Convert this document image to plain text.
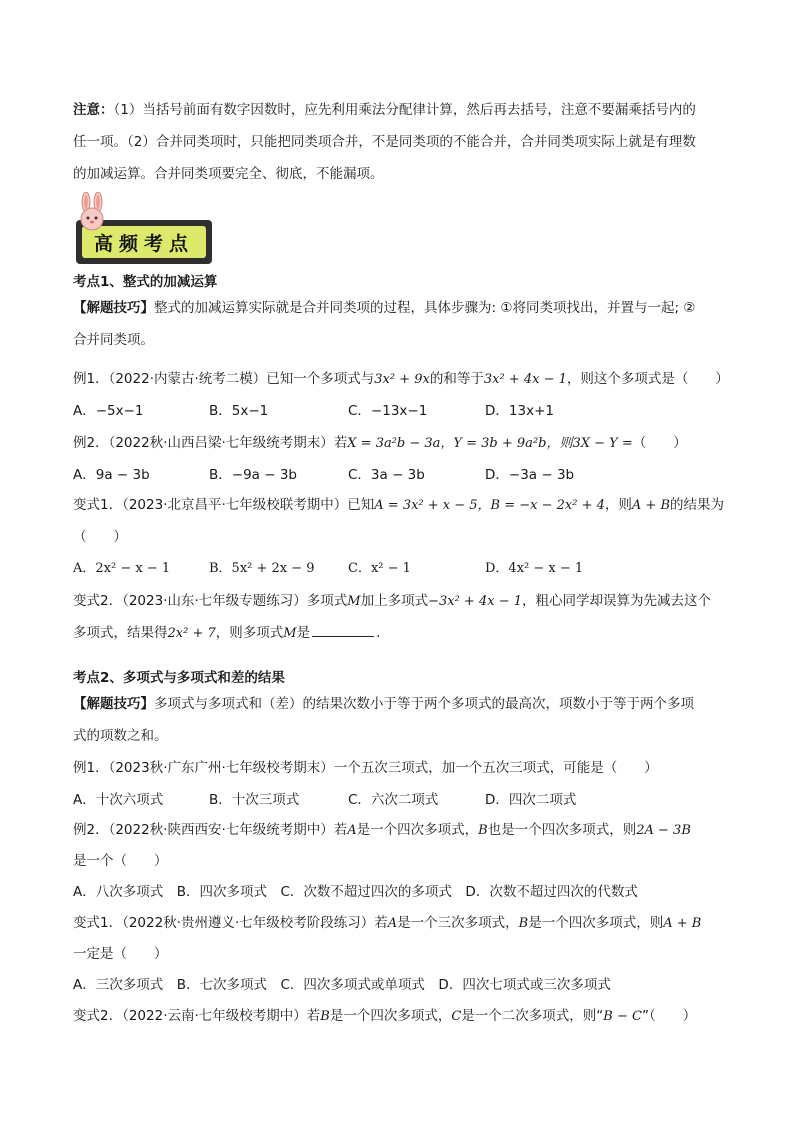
注意：（1）当括号前面有数字因数时，应先利用乘法分配律计算，然后再去括号，注意不要漏乘括号内的
任一项。（2）合并同类项时，只能把同类项合并，不是同类项的不能合并，合并同类项实际上就是有理数
的加减运算。合并同类项要完全、彻底，不能漏项。
高频考点
考点1、整式的加减运算
【解题技巧】整式的加减运算实际就是合并同类项的过程，具体步骤为: ①将同类项找出，并置与一起; ②
合并同类项。
例1．（2022·内蒙古·统考二模）已知一个多项式与3x² + 9x的和等于3x² + 4x − 1，则这个多项式是（　　）
A．−5x−1	B．5x−1	C．−13x−1	D．13x+1
例2．（2022秋·山西吕梁·七年级统考期末）若X = 3a²b − 3a，Y = 3b + 9a²b，则3X − Y =（　　）
A．9a − 3b	B．−9a − 3b	C．3a − 3b	D．−3a − 3b
变式1．（2023·北京昌平·七年级校联考期中）已知A = 3x² + x − 5，B = −x − 2x² + 4，则A + B的结果为
（　　）
A．2x² − x − 1	B．5x² + 2x − 9	C．x² − 1	D．4x² − x − 1
变式2．（2023·山东·七年级专题练习）多项式M加上多项式−3x² + 4x − 1，粗心同学却误算为先减去这个
多项式，结果得2x² + 7，则多项式M是	.
考点2、多项式与多项式和差的结果
【解题技巧】多项式与多项式和（差）的结果次数小于等于两个多项式的最高次，项数小于等于两个多项
式的项数之和。
例1．（2023秋·广东广州·七年级校考期末）一个五次三项式，加一个五次三项式，可能是（　　）
A．十次六项式	B．十次三项式	C．六次二项式	D．四次二项式
例2．（2022秋·陕西西安·七年级统考期中）若A是一个四次多项式，B也是一个四次多项式，则2A − 3B
是一个（　　）
A．八次多项式　B．四次多项式　C．次数不超过四次的多项式　D．次数不超过四次的代数式
变式1．（2022秋·贵州遵义·七年级校考阶段练习）若A是一个三次多项式，B是一个四次多项式，则A + B
一定是（　　）
A．三次多项式　B．七次多项式　C．四次多项式或单项式　D．四次七项式或三次多项式
变式2．（2022·云南·七年级校考期中）若B是一个四次多项式，C是一个二次多项式，则“B − C”（　　）
